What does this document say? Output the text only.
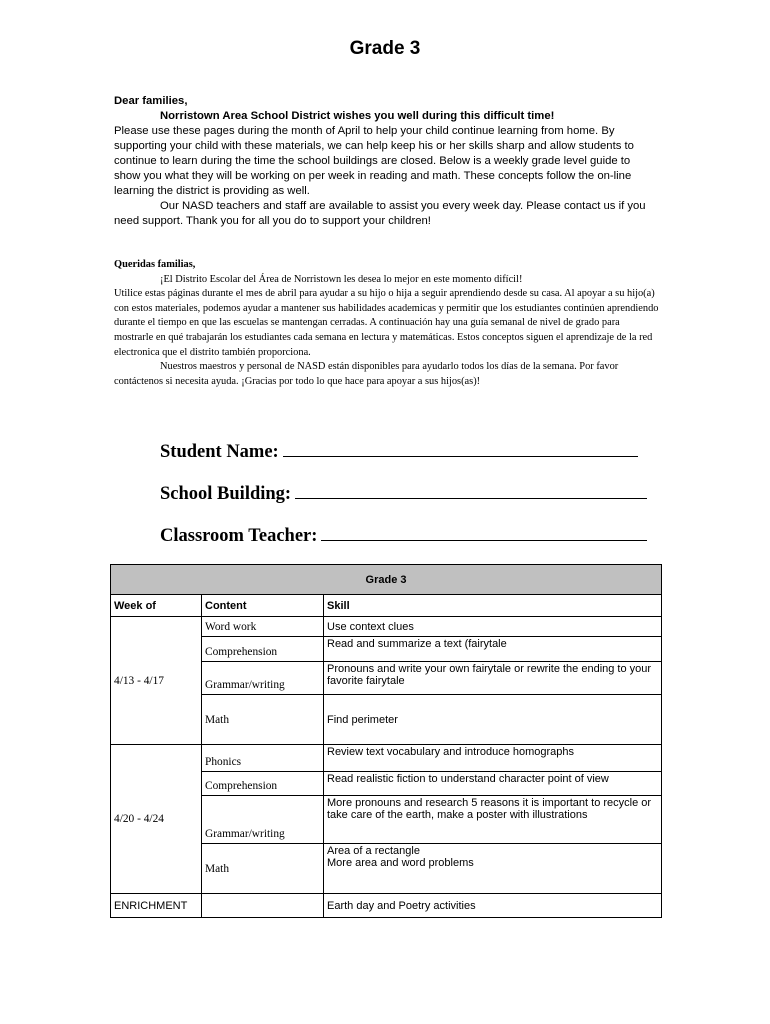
Grade 3

Dear families,

Norristown Area School District wishes you well during this difficult time!

Please use these pages during the month of April to help your child continue learning from home. By supporting your child with these materials, we can help keep his or her skills sharp and allow students to continue to learn during the time the school buildings are closed. Below is a weekly grade level guide to show you what they will be working on per week in reading and math. These concepts follow the on-line learning the district is providing as well.

Our NASD teachers and staff are available to assist you every week day. Please contact us if you need support. Thank you for all you do to support your children!

Queridas familias,

¡El Distrito Escolar del Área de Norristown les desea lo mejor en este momento difícil!

Utilice estas páginas durante el mes de abril para ayudar a su hijo o hija a seguir aprendiendo desde su casa. Al apoyar a su hijo(a) con estos materiales, podemos ayudar a mantener sus habilidades academicas y permitir que los estudiantes continúen aprendiendo durante el tiempo en que las escuelas se mantengan cerradas. A continuación hay una guía semanal de nivel de grado para mostrarle en qué trabajarán los estudiantes cada semana en lectura y matemáticas. Estos conceptos siguen el aprendizaje de la red electronica que el distrito también proporciona.

Nuestros maestros y personal de NASD están disponibles para ayudarlo todos los días de la semana. Por favor contáctenos si necesita ayuda. ¡Gracias por todo lo que hace para apoyar a sus hijos(as)!

Student Name:
School Building:
Classroom Teacher:
Grade 3		
Week of	Content	Skill
4/13 - 4/17	Word work	Use context clues
	Comprehension	Read and summarize a text (fairytale
	Grammar/writing	Pronouns and write your own fairytale or rewrite the ending to your favorite fairytale
	Math	Find perimeter
4/20 - 4/24	Phonics	Review text vocabulary and introduce homographs
	Comprehension	Read realistic fiction to understand character point of view
	Grammar/writing	More pronouns and research 5 reasons it is important to recycle or take care of the earth, make a poster with illustrations
	Math	Area of a rectangle
More area and word problems

ENRICHMENT		Earth day and Poetry activities
